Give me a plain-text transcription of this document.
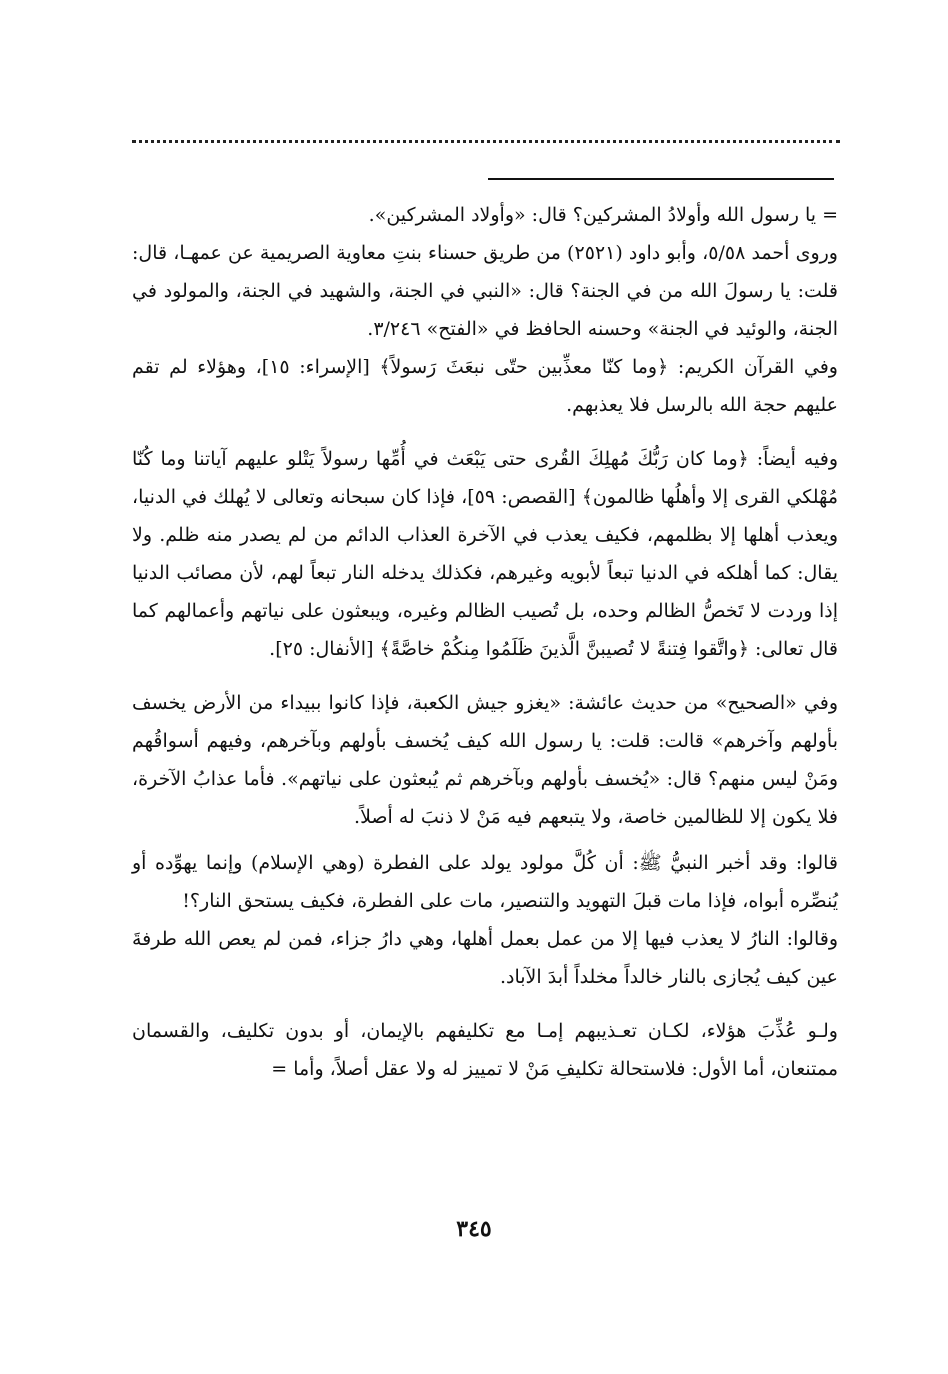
= يا رسول الله وأولادُ المشركين؟ قال: «وأولاد المشركين».

وروى أحمد ٥/٥٨، وأبو داود (٢٥٢١) من طريق حسناء بنتِ معاوية الصريمية عن عمهـا، قال: قلت: يا رسولَ الله من في الجنة؟ قال: «النبي في الجنة، والشهيد في الجنة، والمولود في الجنة، والوئيد في الجنة» وحسنه الحافظ في «الفتح» ٣/٢٤٦.

وفي القرآن الكريم: ﴿وما كنّا معذِّبين حتّى نبعَثَ رَسولاً﴾ [الإسراء: ١٥]، وهؤلاء لم تقم عليهم حجة الله بالرسل فلا يعذبهم.

وفيه أيضاً: ﴿وما كان رَبُّكَ مُهلِكَ القُرى حتى يَبْعَث في أُمِّها رسولاً يَتْلو عليهم آياتنا وما كُنّا مُهْلكي القرى إلا وأهلُها ظالمون﴾ [القصص: ٥٩]، فإذا كان سبحانه وتعالى لا يُهلك في الدنيا، ويعذب أهلها إلا بظلمهم، فكيف يعذب في الآخرة العذاب الدائم من لم يصدر منه ظلم. ولا يقال: كما أهلكه في الدنيا تبعاً لأبويه وغيرهم، فكذلك يدخله النار تبعاً لهم، لأن مصائب الدنيا إذا وردت لا تَخصُّ الظالم وحده، بل تُصيب الظالم وغيره، ويبعثون على نياتهم وأعمالهم كما قال تعالى: ﴿واتَّقوا فِتنةً لا تُصيبنَّ الَّذينَ ظَلَمُوا مِنكُمْ خاصَّةً﴾ [الأنفال: ٢٥].

وفي «الصحيح» من حديث عائشة: «يغزو جيش الكعبة، فإذا كانوا ببيداء من الأرض يخسف بأولهم وآخرهم» قالت: قلت: يا رسول الله كيف يُخسف بأولهم وبآخرهم، وفيهم أسواقُهم ومَنْ ليس منهم؟ قال: «يُخسف بأولهم وبآخرهم ثم يُبعثون على نياتهم». فأما عذابُ الآخرة، فلا يكون إلا للظالمين خاصة، ولا يتبعهم فيه مَنْ لا ذنبَ له أصلاً.

قالوا: وقد أخبر النبيُّ ﷺ: أن كُلَّ مولود يولد على الفطرة (وهي الإسلام) وإنما يهوِّده أو يُنصِّره أبواه، فإذا مات قبلَ التهويد والتنصير، مات على الفطرة، فكيف يستحق النار؟!

وقالوا: النارُ لا يعذب فيها إلا من عمل بعمل أهلها، وهي دارُ جزاء، فمن لم يعص الله طرفةَ عين كيف يُجازى بالنار خالداً مخلداً أبدَ الآباد.

ولـو عُذِّبَ هؤلاء، لكـان تعـذيبهم إمـا مع تكليفهم بالإيمان، أو بدون تكليف، والقسمان ممتنعان، أما الأول: فلاستحالة تكليفِ مَنْ لا تمييز له ولا عقل أصلاً، وأما =

٣٤٥
